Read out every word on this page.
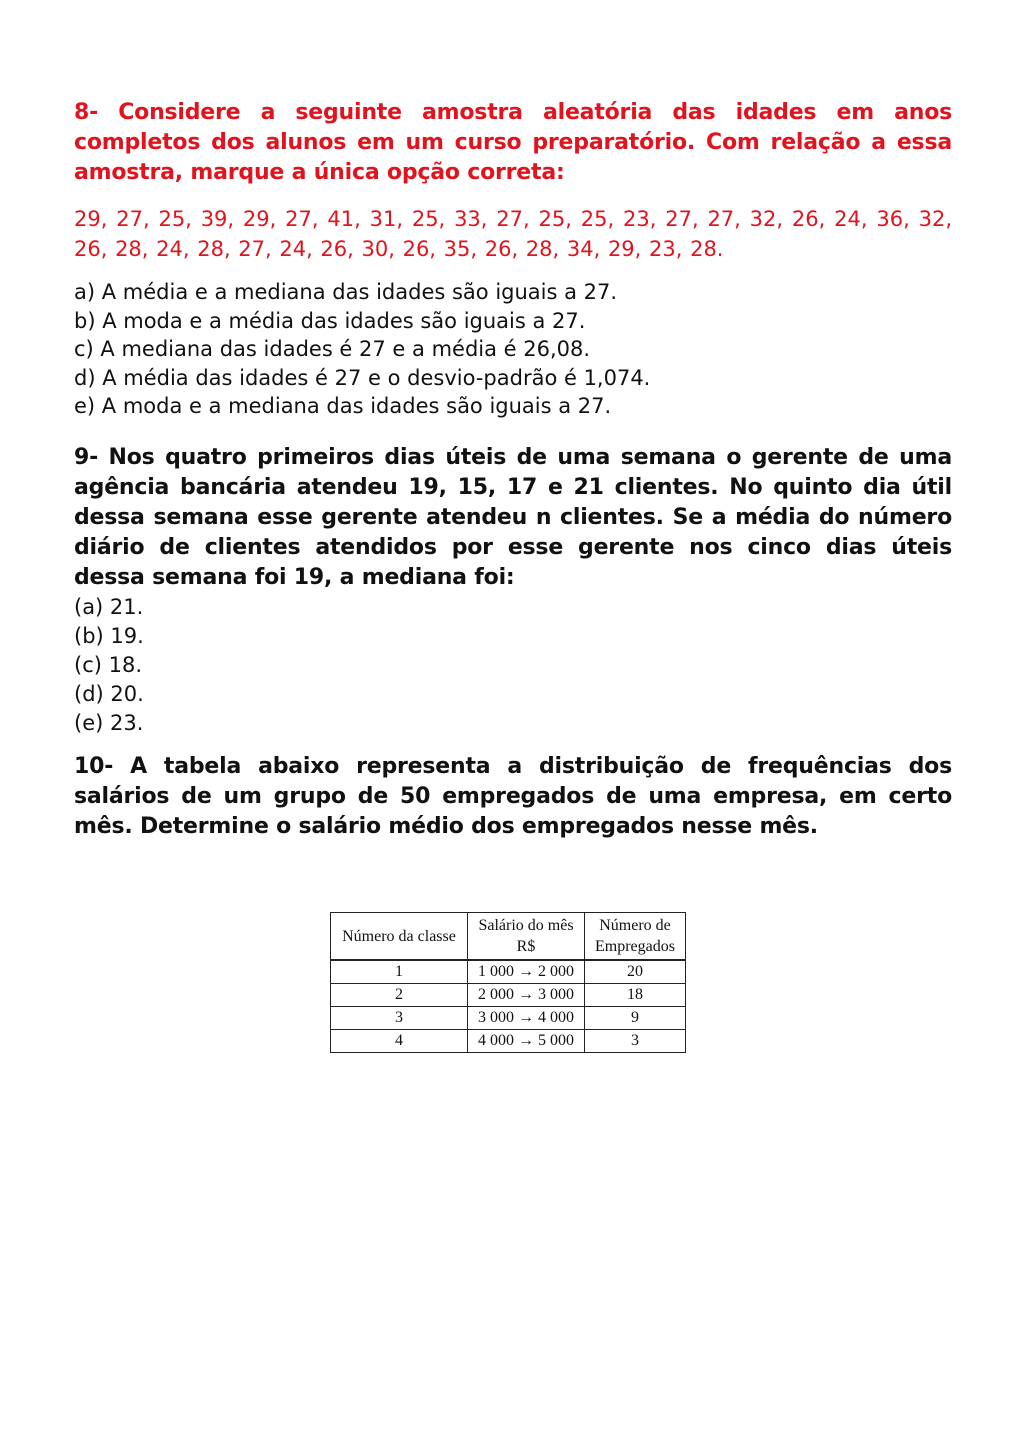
8- Considere a seguinte amostra aleatória das idades em anos completos dos alunos em um curso preparatório. Com relação a essa amostra, marque a única opção correta:

29, 27, 25, 39, 29, 27, 41, 31, 25, 33, 27, 25, 25, 23, 27, 27, 32, 26, 24, 36, 32, 26, 28, 24, 28, 27, 24, 26, 30, 26, 35, 26, 28, 34, 29, 23, 28.

a) A média e a mediana das idades são iguais a 27.
b) A moda e a média das idades são iguais a 27.
c) A mediana das idades é 27 e a média é 26,08.
d) A média das idades é 27 e o desvio-padrão é 1,074.
e) A moda e a mediana das idades são iguais a 27.

9- Nos quatro primeiros dias úteis de uma semana o gerente de uma agência bancária atendeu 19, 15, 17 e 21 clientes. No quinto dia útil dessa semana esse gerente atendeu n clientes. Se a média do número diário de clientes atendidos por esse gerente nos cinco dias úteis dessa semana foi 19, a mediana foi:

(a) 21.
(b) 19.
(c) 18.
(d) 20.
(e) 23.

10- A tabela abaixo representa a distribuição de frequências dos salários de um grupo de 50 empregados de uma empresa, em certo mês. Determine o salário médio dos empregados nesse mês.

Número da classe	Salário do mês R$	Número de Empregados
1	1 000 → 2 000	20
2	2 000 → 3 000	18
3	3 000 → 4 000	9
4	4 000 → 5 000	3
